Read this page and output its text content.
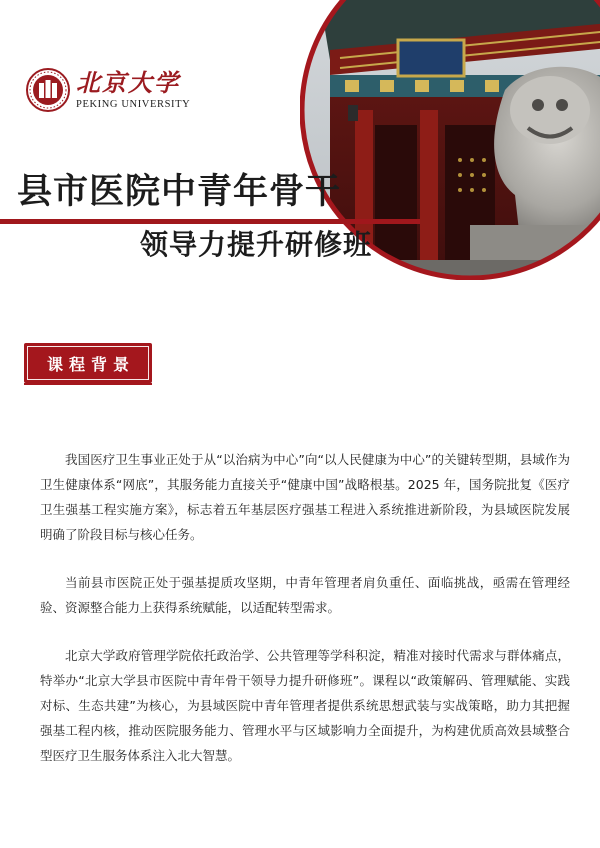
北京大学
PEKING UNIVERSITY
县市医院中青年骨干
领导力提升研修班
课程背景

我国医疗卫生事业正处于从“以治病为中心”向“以人民健康为中心”的关键转型期，县域作为卫生健康体系“网底”，其服务能力直接关乎“健康中国”战略根基。2025 年，国务院批复《医疗卫生强基工程实施方案》，标志着五年基层医疗强基工程进入系统推进新阶段，为县域医院发展明确了阶段目标与核心任务。

当前县市医院正处于强基提质攻坚期，中青年管理者肩负重任、面临挑战，亟需在管理经验、资源整合能力上获得系统赋能，以适配转型需求。

北京大学政府管理学院依托政治学、公共管理等学科积淀，精准对接时代需求与群体痛点，特举办“北京大学县市医院中青年骨干领导力提升研修班”。课程以“政策解码、管理赋能、实践对标、生态共建”为核心，为县域医院中青年管理者提供系统思想武装与实战策略，助力其把握强基工程内核，推动医院服务能力、管理水平与区域影响力全面提升，为构建优质高效县域整合型医疗卫生服务体系注入北大智慧。
